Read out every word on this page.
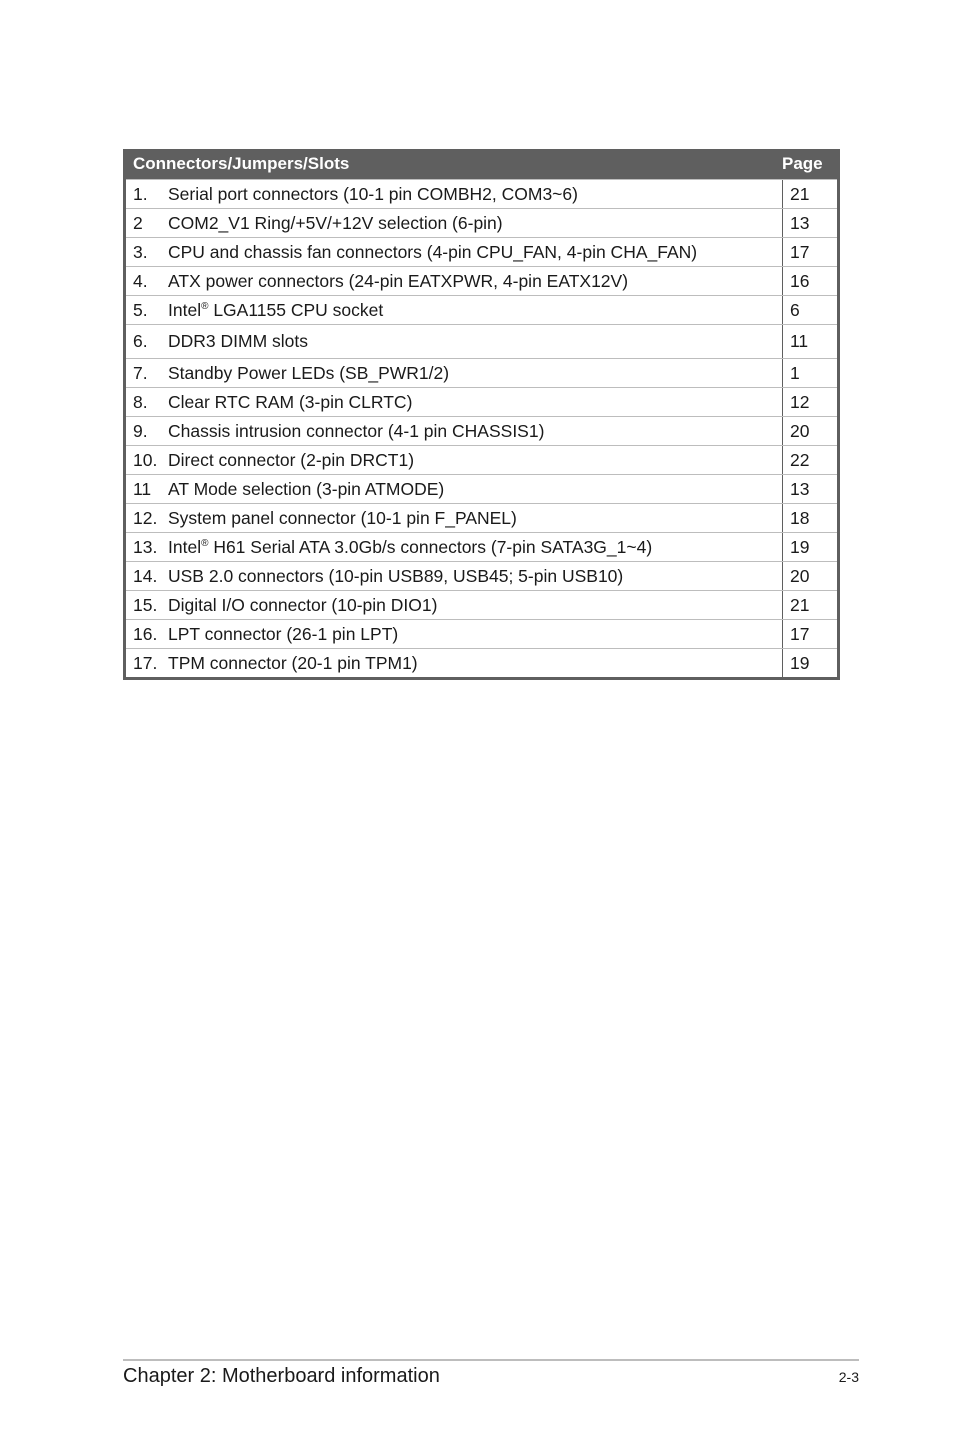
Connectors/Jumpers/Slots	Page
1.	Serial port connectors (10-1 pin COMBH2, COM3~6)	21
2	COM2_V1 Ring/+5V/+12V selection (6-pin)	13
3.	CPU and chassis fan connectors (4-pin CPU_FAN, 4-pin CHA_FAN)	17
4.	ATX power connectors (24-pin EATXPWR, 4-pin EATX12V)	16
5.	Intel® LGA1155 CPU socket	6
6.	DDR3 DIMM slots	11
7.	Standby Power LEDs (SB_PWR1/2)	1
8.	Clear RTC RAM (3-pin CLRTC)	12
9.	Chassis intrusion connector (4-1 pin CHASSIS1)	20
10. Direct connector (2-pin DRCT1)	22
11 AT Mode selection (3-pin ATMODE)	13
12. System panel connector (10-1 pin F_PANEL)	18
13. Intel® H61 Serial ATA 3.0Gb/s connectors (7-pin SATA3G_1~4)	19
14. USB 2.0 connectors (10-pin USB89, USB45; 5-pin USB10)	20
15. Digital I/O connector (10-pin DIO1)	21
16. LPT connector (26-1 pin LPT)	17
17. TPM connector (20-1 pin TPM1)	19
Chapter 2: Motherboard information	2-3
